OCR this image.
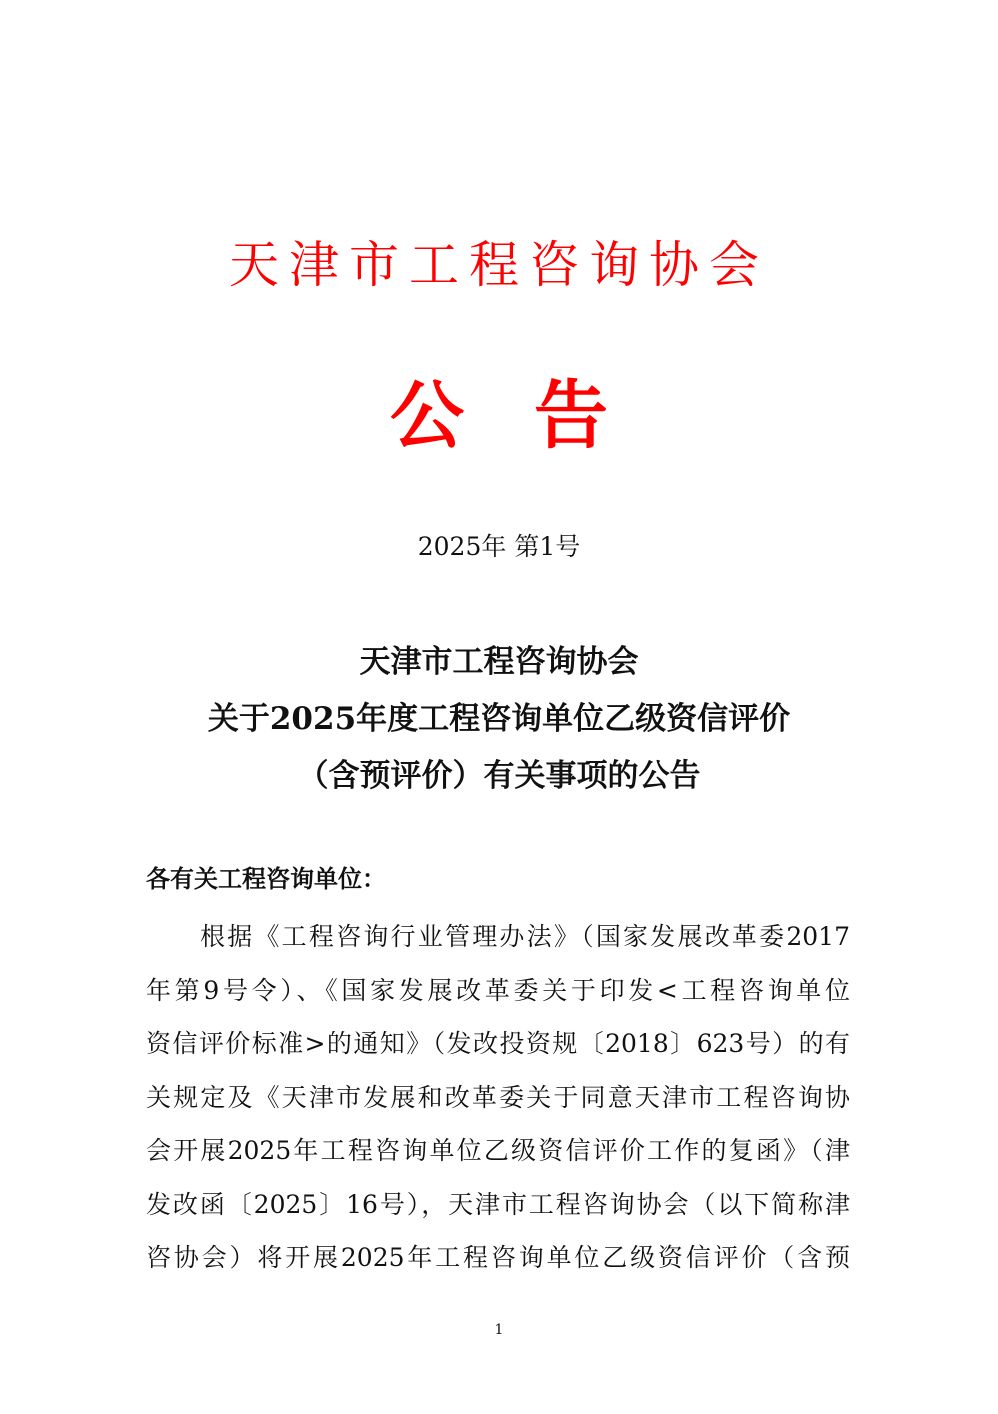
天津市工程咨询协会
公告
2025年 第1号
天津市工程咨询协会
关于2025年度工程咨询单位乙级资信评价
（含预评价）有关事项的公告
各有关工程咨询单位：
根据《工程咨询行业管理办法》（国家发展改革委2017
年第9号令）、《国家发展改革委关于印发<工程咨询单位
资信评价标准>的通知》（发改投资规〔2018〕623号）的有
关规定及《天津市发展和改革委关于同意天津市工程咨询协
会开展2025年工程咨询单位乙级资信评价工作的复函》（津
发改函〔2025〕16号），天津市工程咨询协会（以下简称津
咨协会）将开展2025年工程咨询单位乙级资信评价（含预
1
